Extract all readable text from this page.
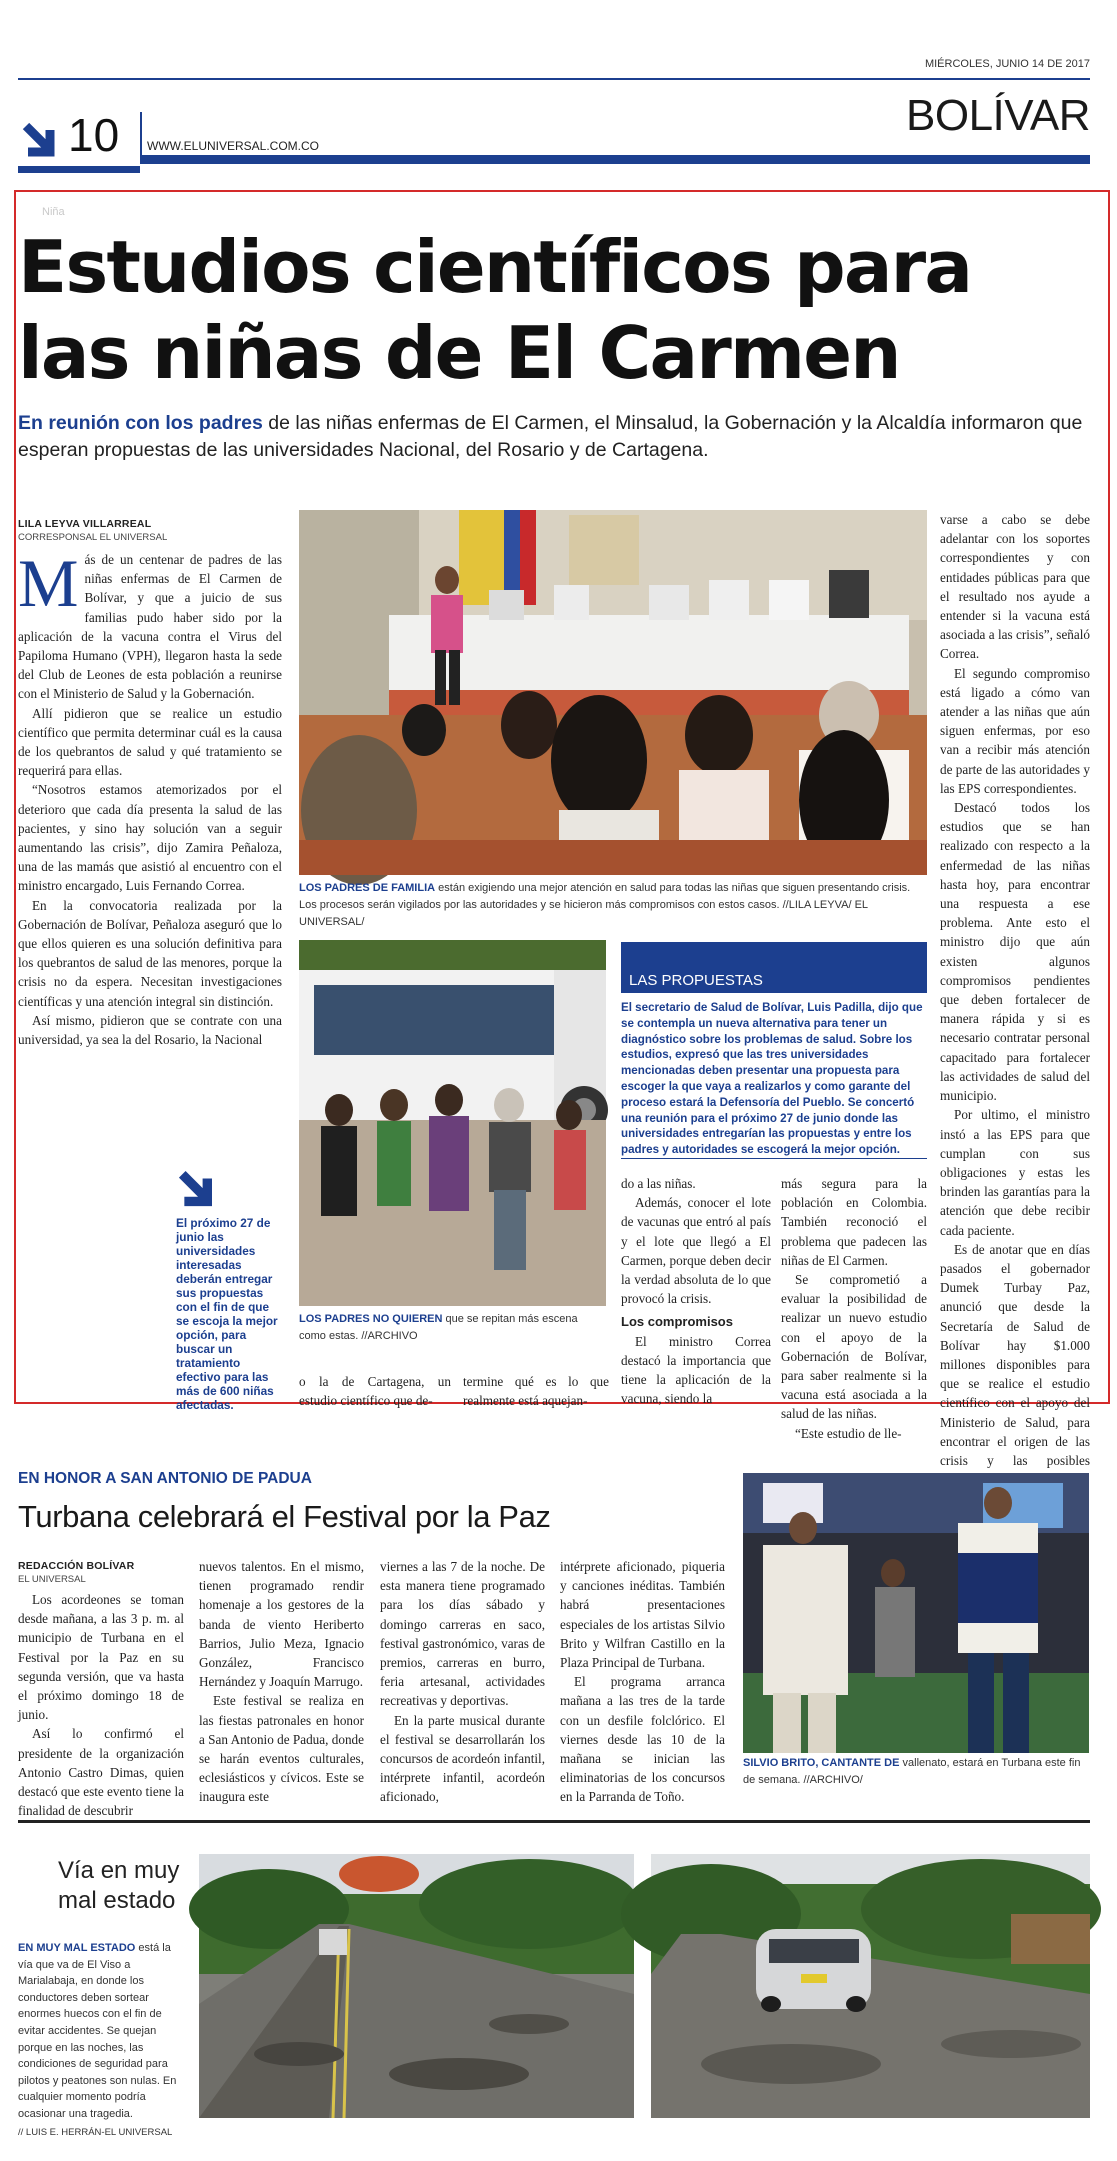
MIÉRCOLES, JUNIO 14 DE 2017
BOLÍVAR
10 WWW.ELUNIVERSAL.COM.CO
Niña
Estudios científicos para
las niñas de El Carmen
En reunión con los padres de las niñas enfermas de El Carmen, el Minsalud, la Gobernación y la Alcaldía informaron que esperan propuestas de las universidades Nacional, del Rosario y de Cartagena.
LILA LEYVA VILLARREAL
CORRESPONSAL EL UNIVERSAL
M ás de un centenar de padres de las niñas enfermas de El Carmen de Bolívar, y que a juicio de sus familias pudo haber sido por la aplicación de la vacuna contra el Virus del Papiloma Humano (VPH), llegaron hasta la sede del Club de Leones de esta población a reunirse con el Ministerio de Salud y la Gobernación.

Allí pidieron que se realice un estudio científico que permita determinar cuál es la causa de los quebrantos de salud y qué tratamiento se requerirá para ellas.

“Nosotros estamos atemorizados por el deterioro que cada día presenta la salud de las pacientes, y sino hay solución van a seguir aumentando las crisis”, dijo Zamira Peñaloza, una de las mamás que asistió al encuentro con el ministro encargado, Luis Fernando Correa.

En la convocatoria realizada por la Gobernación de Bolívar, Peñaloza aseguró que lo que ellos quieren es una solución definitiva para los quebrantos de salud de las menores, porque la crisis no da espera. Necesitan investigaciones científicas y una atención integral sin distinción.

Así mismo, pidieron que se contrate con una universidad, ya sea la del Rosario, la Nacional

LOS PADRES DE FAMILIA están exigiendo una mejor atención en salud para todas las niñas que siguen presentando crisis. Los procesos serán vigilados por las autoridades y se hicieron más compromisos con estos casos. //LILA LEYVA/ EL UNIVERSAL/
LOS PADRES NO QUIEREN que se repitan más escena como estas. //ARCHIVO
El próximo 27 de junio las universidades interesadas deberán entregar sus propuestas con el fin de que se escoja la mejor opción, para buscar un tratamiento efectivo para las más de 600 niñas afectadas.
LAS PROPUESTAS
El secretario de Salud de Bolívar, Luis Padilla, dijo que se contempla un nueva alternativa para tener un diagnóstico sobre los problemas de salud. Sobre los estudios, expresó que las tres universidades mencionadas deben presentar una propuesta para escoger la que vaya a realizarlos y como garante del proceso estará la Defensoría del Pueblo. Se concertó una reunión para el próximo 27 de junio donde las universidades entregarían las propuestas y entre los padres y autoridades se escogerá la mejor opción.

o la de Cartagena, un estudio científico que de-

termine qué es lo que realmente está aquejan-

do a las niñas.

Además, conocer el lote de vacunas que entró al país y el lote que llegó a El Carmen, porque deben decir la verdad absoluta de lo que provocó la crisis.

Los compromisos

El ministro Correa destacó la importancia que tiene la aplicación de la vacuna, siendo la

más segura para la población en Colombia. También reconoció el problema que padecen las niñas de El Carmen.

Se comprometió a evaluar la posibilidad de realizar un nuevo estudio con el apoyo de la Gobernación de Bolívar, para saber realmente si la vacuna está asociada a la salud de las niñas.

“Este estudio de lle-

varse a cabo se debe adelantar con los soportes correspondientes y con entidades públicas para que el resultado nos ayude a entender si la vacuna está asociada a las crisis”, señaló Correa.

El segundo compromiso está ligado a cómo van atender a las niñas que aún siguen enfermas, por eso van a recibir más atención de parte de las autoridades y las EPS correspondientes.

Destacó todos los estudios que se han realizado con respecto a la enfermedad de las niñas hasta hoy, para encontrar una respuesta a ese problema. Ante esto el ministro dijo que aún existen algunos compromisos pendientes que deben fortalecer de manera rápida y si es necesario contratar personal capacitado para fortalecer las actividades de salud del municipio.

Por ultimo, el ministro instó a las EPS para que cumplan con sus obligaciones y estas les brinden las garantías para la atención que debe recibir cada paciente.

Es de anotar que en días pasados el gobernador Dumek Turbay Paz, anunció que desde la Secretaría de Salud de Bolívar hay $1.000 millones disponibles para que se realice el estudio científico con el apoyo del Ministerio de Salud, para encontrar el origen de las crisis y las posibles

EN HONOR A SAN ANTONIO DE PADUA
Turbana celebrará el Festival por la Paz
REDACCIÓN BOLÍVAR
EL UNIVERSAL

Los acordeones se toman desde mañana, a las 3 p. m. al municipio de Turbana en el Festival por la Paz en su segunda versión, que va hasta el próximo domingo 18 de junio.

Así lo confirmó el presidente de la organización Antonio Castro Dimas, quien destacó que este evento tiene la finalidad de descubrir

nuevos talentos. En el mismo, tienen programado rendir homenaje a los gestores de la banda de viento Heriberto Barrios, Julio Meza, Ignacio González, Francisco Hernández y Joaquín Marrugo.

Este festival se realiza en las fiestas patronales en honor a San Antonio de Padua, donde se harán eventos culturales, eclesiásticos y cívicos. Este se inaugura este

viernes a las 7 de la noche. De esta manera tiene programado para los días sábado y domingo carreras en saco, festival gastronómico, varas de premios, carreras en burro, feria artesanal, actividades recreativas y deportivas.

En la parte musical durante el festival se desarrollarán los concursos de acordeón infantil, intérprete infantil, acordeón aficionado,

intérprete aficionado, piqueria y canciones inéditas. También habrá presentaciones especiales de los artistas Silvio Brito y Wilfran Castillo en la Plaza Principal de Turbana.

El programa arranca mañana a las tres de la tarde con un desfile folclórico. El viernes desde las 10 de la mañana se inician las eliminatorias de los concursos en la Parranda de Toño.

SILVIO BRITO, CANTANTE DE vallenato, estará en Turbana este fin de semana. //ARCHIVO/
Vía en muy
mal estado
EN MUY MAL ESTADO está la vía que va de El Viso a Marialabaja, en donde los conductores deben sortear enormes huecos con el fin de evitar accidentes. Se quejan porque en las noches, las condiciones de seguridad para pilotos y peatones son nulas. En cualquier momento podría ocasionar una tragedia.
// LUIS E. HERRÁN-EL UNIVERSAL
